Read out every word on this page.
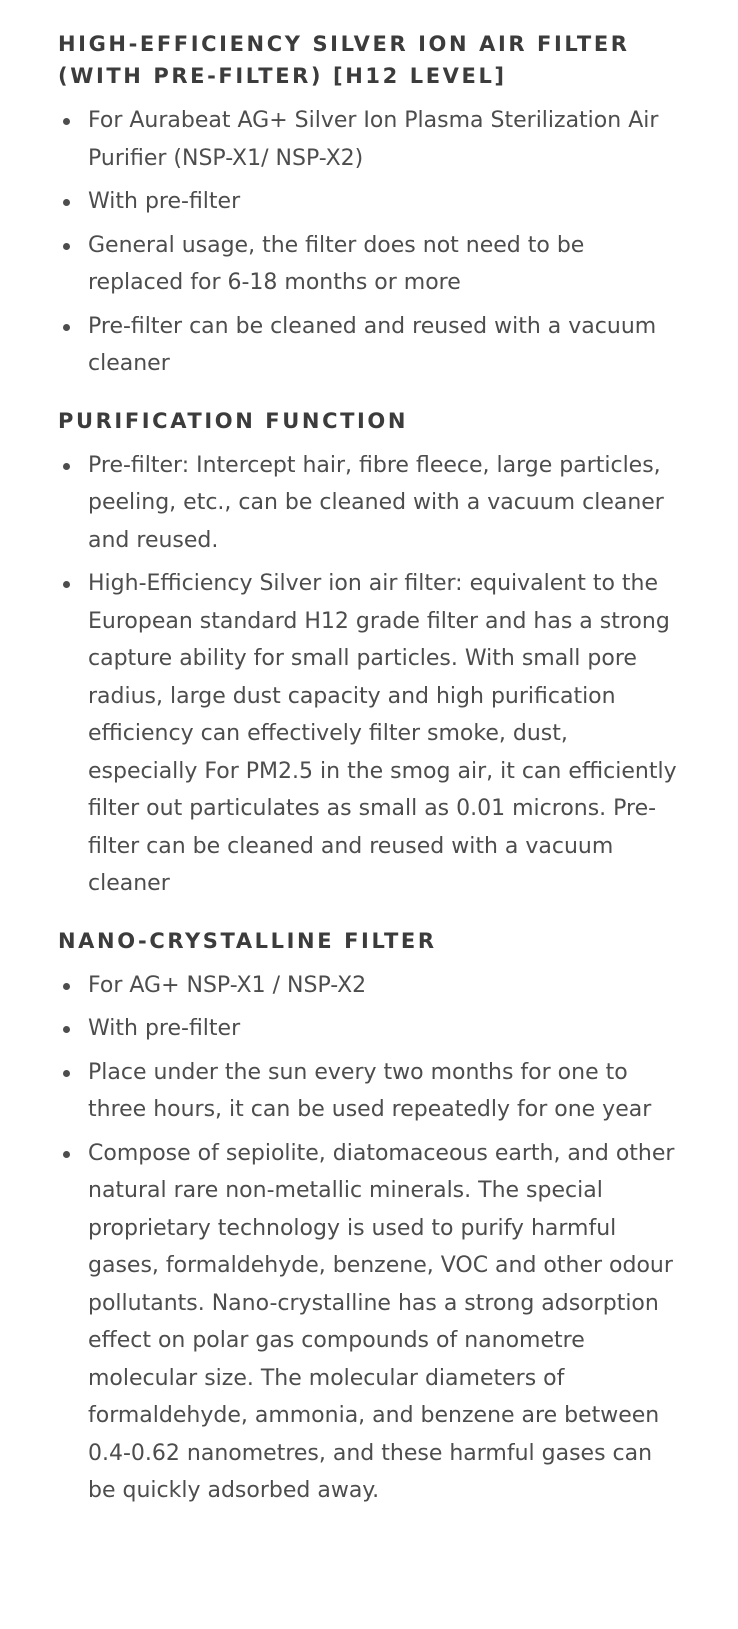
HIGH-EFFICIENCY SILVER ION AIR FILTER
(WITH PRE-FILTER) [H12 LEVEL]
For Aurabeat AG+ Silver Ion Plasma Sterilization Air Purifier (NSP-X1/ NSP-X2)
With pre-filter
General usage, the filter does not need to be replaced for 6-18 months or more
Pre-filter can be cleaned and reused with a vacuum cleaner
PURIFICATION FUNCTION
Pre-filter: Intercept hair, fibre fleece, large particles, peeling, etc., can be cleaned with a vacuum cleaner and reused.
High-Efficiency Silver ion air filter: equivalent to the European standard H12 grade filter and has a strong capture ability for small particles. With small pore radius, large dust capacity and high purification efficiency can effectively filter smoke, dust, especially For PM2.5 in the smog air, it can efficiently filter out particulates as small as 0.01 microns. Pre-filter can be cleaned and reused with a vacuum cleaner
NANO-CRYSTALLINE FILTER
For AG+ NSP-X1 / NSP-X2
With pre-filter
Place under the sun every two months for one to three hours, it can be used repeatedly for one year
Compose of sepiolite, diatomaceous earth, and other natural rare non-metallic minerals. The special proprietary technology is used to purify harmful gases, formaldehyde, benzene, VOC and other odour pollutants. Nano-crystalline has a strong adsorption effect on polar gas compounds of nanometre molecular size. The molecular diameters of formaldehyde, ammonia, and benzene are between 0.4-0.62 nanometres, and these harmful gases can be quickly adsorbed away.
